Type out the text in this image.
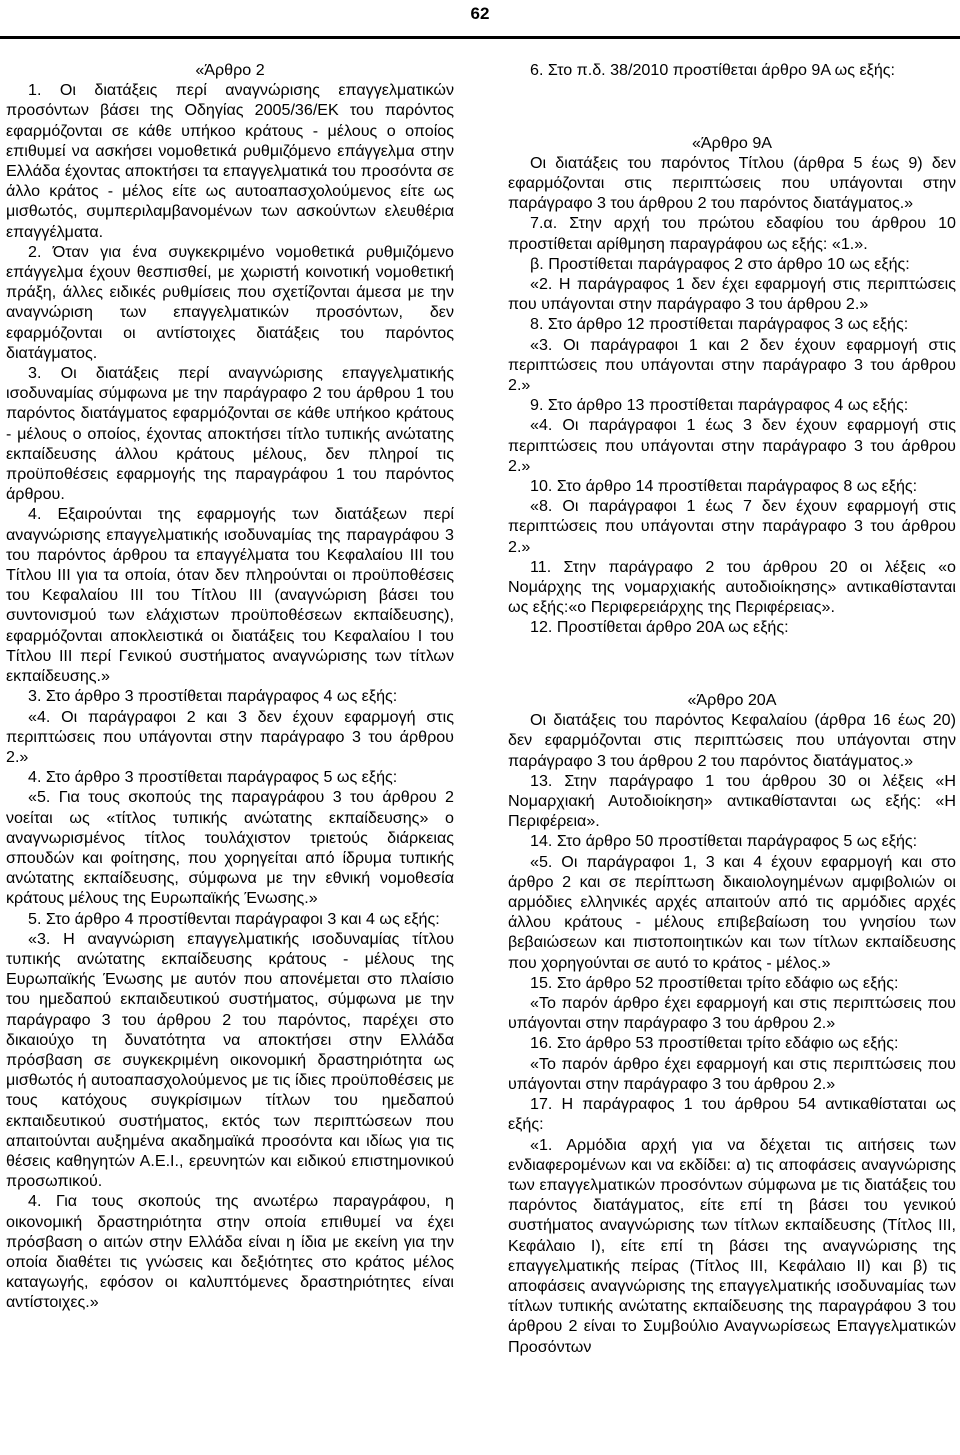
62

«Άρθρο 2

1. Οι διατάξεις περί αναγνώρισης επαγγελματικών προσόντων βάσει της Οδηγίας 2005/36/ΕΚ του παρόντος εφαρμόζονται σε κάθε υπήκοο κράτους - μέλους ο οποίος επιθυμεί να ασκήσει νομοθετικά ρυθμιζόμενο επάγγελμα στην Ελλάδα έχοντας αποκτήσει τα επαγγελματικά του προσόντα σε άλλο κράτος - μέλος είτε ως αυτοαπασχολούμενος είτε ως μισθωτός, συμπεριλαμβανομένων των ασκούντων ελευθέρια επαγγέλματα.

2. Όταν για ένα συγκεκριμένο νομοθετικά ρυθμιζόμενο επάγγελμα έχουν θεσπισθεί, με χωριστή κοινοτική νομοθετική πράξη, άλλες ειδικές ρυθμίσεις που σχετίζονται άμεσα με την αναγνώριση των επαγγελματικών προσόντων, δεν εφαρμόζονται οι αντίστοιχες διατάξεις του παρόντος διατάγματος.

3. Οι διατάξεις περί αναγνώρισης επαγγελματικής ισοδυναμίας σύμφωνα με την παράγραφο 2 του άρθρου 1 του παρόντος διατάγματος εφαρμόζονται σε κάθε υπήκοο κράτους - μέλους ο οποίος, έχοντας αποκτήσει τίτλο τυπικής ανώτατης εκπαίδευσης άλλου κράτους μέλους, δεν πληροί τις προϋποθέσεις εφαρμογής της παραγράφου 1 του παρόντος άρθρου.

4. Εξαιρούνται της εφαρμογής των διατάξεων περί αναγνώρισης επαγγελματικής ισοδυναμίας της παραγράφου 3 του παρόντος άρθρου τα επαγγέλματα του Κεφαλαίου ΙΙΙ του Τίτλου ΙΙΙ για τα οποία, όταν δεν πληρούνται οι προϋποθέσεις του Κεφαλαίου ΙΙΙ του Τίτλου ΙΙΙ (αναγνώριση βάσει του συντονισμού των ελάχιστων προϋποθέσεων εκπαίδευσης), εφαρμόζονται αποκλειστικά οι διατάξεις του Κεφαλαίου Ι του Τίτλου ΙΙΙ περί Γενικού συστήματος αναγνώρισης των τίτλων εκπαίδευσης.»

3. Στο άρθρο 3 προστίθεται παράγραφος 4 ως εξής:

«4. Οι παράγραφοι 2 και 3 δεν έχουν εφαρμογή στις περιπτώσεις που υπάγονται στην παράγραφο 3 του άρθρου 2.»

4. Στο άρθρο 3 προστίθεται παράγραφος 5 ως εξής:

«5. Για τους σκοπούς της παραγράφου 3 του άρθρου 2 νοείται ως «τίτλος τυπικής ανώτατης εκπαίδευσης» ο αναγνωρισμένος τίτλος τουλάχιστον τριετούς διάρκειας σπουδών και φοίτησης, που χορηγείται από ίδρυμα τυπικής ανώτατης εκπαίδευσης, σύμφωνα με την εθνική νομοθεσία κράτους μέλους της Ευρωπαϊκής Ένωσης.»

5. Στο άρθρο 4 προστίθενται παράγραφοι 3 και 4 ως εξής:

«3. Η αναγνώριση επαγγελματικής ισοδυναμίας τίτλου τυπικής ανώτατης εκπαίδευσης κράτους - μέλους της Ευρωπαϊκής Ένωσης με αυτόν που απονέμεται στο πλαίσιο του ημεδαπού εκπαιδευτικού συστήματος, σύμφωνα με την παράγραφο 3 του άρθρου 2 του παρόντος, παρέχει στο δικαιούχο τη δυνατότητα να αποκτήσει στην Ελλάδα πρόσβαση σε συγκεκριμένη οικονομική δραστηριότητα ως μισθωτός ή αυτοαπασχολούμενος με τις ίδιες προϋποθέσεις με τους κατόχους συγκρίσιμων τίτλων του ημεδαπού εκπαιδευτικού συστήματος, εκτός των περιπτώσεων που απαιτούνται αυξημένα ακαδημαϊκά προσόντα και ιδίως για τις θέσεις καθηγητών Α.Ε.Ι., ερευνητών και ειδικού επιστημονικού προσωπικού.

4. Για τους σκοπούς της ανωτέρω παραγράφου, η οικονομική δραστηριότητα στην οποία επιθυμεί να έχει πρόσβαση ο αιτών στην Ελλάδα είναι η ίδια με εκείνη για την οποία διαθέτει τις γνώσεις και δεξιότητες στο κράτος μέλος καταγωγής, εφόσον οι καλυπτόμενες δραστηριότητες είναι αντίστοιχες.»

6. Στο π.δ. 38/2010 προστίθεται άρθρο 9Α ως εξής:

«Άρθρο 9Α

Οι διατάξεις του παρόντος Τίτλου (άρθρα 5 έως 9) δεν εφαρμόζονται στις περιπτώσεις που υπάγονται στην παράγραφο 3 του άρθρου 2 του παρόντος διατάγματος.»

7.α. Στην αρχή του πρώτου εδαφίου του άρθρου 10 προστίθεται αρίθμηση παραγράφου ως εξής: «1.».

β. Προστίθεται παράγραφος 2 στο άρθρο 10 ως εξής:

«2. Η παράγραφος 1 δεν έχει εφαρμογή στις περιπτώσεις που υπάγονται στην παράγραφο 3 του άρθρου 2.»

8. Στο άρθρο 12 προστίθεται παράγραφος 3 ως εξής:

«3. Οι παράγραφοι 1 και 2 δεν έχουν εφαρμογή στις περιπτώσεις που υπάγονται στην παράγραφο 3 του άρθρου 2.»

9. Στο άρθρο 13 προστίθεται παράγραφος 4 ως εξής:

«4. Οι παράγραφοι 1 έως 3 δεν έχουν εφαρμογή στις περιπτώσεις που υπάγονται στην παράγραφο 3 του άρθρου 2.»

10. Στο άρθρο 14 προστίθεται παράγραφος 8 ως εξής:

«8. Οι παράγραφοι 1 έως 7 δεν έχουν εφαρμογή στις περιπτώσεις που υπάγονται στην παράγραφο 3 του άρθρου 2.»

11. Στην παράγραφο 2 του άρθρου 20 οι λέξεις «ο Νομάρχης της νομαρχιακής αυτοδιοίκησης» αντικαθίστανται ως εξής:«ο Περιφερειάρχης της Περιφέρειας».

12. Προστίθεται άρθρο 20Α ως εξής:

«Άρθρο 20Α

Οι διατάξεις του παρόντος Κεφαλαίου (άρθρα 16 έως 20) δεν εφαρμόζονται στις περιπτώσεις που υπάγονται στην παράγραφο 3 του άρθρου 2 του παρόντος διατάγματος.»

13. Στην παράγραφο 1 του άρθρου 30 οι λέξεις «Η Νομαρχιακή Αυτοδιοίκηση» αντικαθίστανται ως εξής: «Η Περιφέρεια».

14. Στο άρθρο 50 προστίθεται παράγραφος 5 ως εξής:

«5. Οι παράγραφοι 1, 3 και 4 έχουν εφαρμογή και στο άρθρο 2 και σε περίπτωση δικαιολογημένων αμφιβολιών οι αρμόδιες ελληνικές αρχές απαιτούν από τις αρμόδιες αρχές άλλου κράτους - μέλους επιβεβαίωση του γνησίου των βεβαιώσεων και πιστοποιητικών και των τίτλων εκπαίδευσης που χορηγούνται σε αυτό το κράτος - μέλος.»

15. Στο άρθρο 52 προστίθεται τρίτο εδάφιο ως εξής:

«Το παρόν άρθρο έχει εφαρμογή και στις περιπτώσεις που υπάγονται στην παράγραφο 3 του άρθρου 2.»

16. Στο άρθρο 53 προστίθεται τρίτο εδάφιο ως εξής:

«Το παρόν άρθρο έχει εφαρμογή και στις περιπτώσεις που υπάγονται στην παράγραφο 3 του άρθρου 2.»

17. Η παράγραφος 1 του άρθρου 54 αντικαθίσταται ως εξής:

«1. Αρμόδια αρχή για να δέχεται τις αιτήσεις των ενδιαφερομένων και να εκδίδει: α) τις αποφάσεις αναγνώρισης των επαγγελματικών προσόντων σύμφωνα με τις διατάξεις του παρόντος διατάγματος, είτε επί τη βάσει του γενικού συστήματος αναγνώρισης των τίτλων εκπαίδευσης (Τίτλος ΙΙΙ, Κεφάλαιο Ι), είτε επί τη βάσει της αναγνώρισης της επαγγελματικής πείρας (Τίτλος ΙΙΙ, Κεφάλαιο ΙΙ) και β) τις αποφάσεις αναγνώρισης της επαγγελματικής ισοδυναμίας των τίτλων τυπικής ανώτατης εκπαίδευσης της παραγράφου 3 του άρθρου 2 είναι το Συμβούλιο Αναγνωρίσεως Επαγγελματικών Προσόντων
